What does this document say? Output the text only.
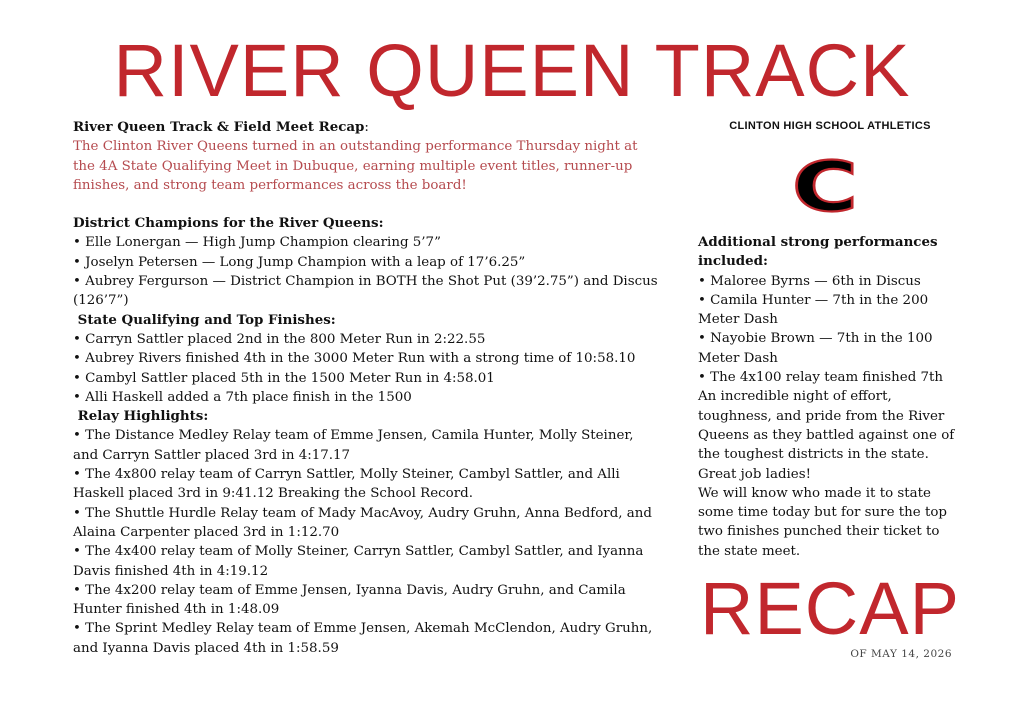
RIVER QUEEN TRACK

River Queen Track & Field Meet Recap:

The Clinton River Queens turned in an outstanding performance Thursday night at the 4A State Qualifying Meet in Dubuque, earning multiple event titles, runner-up finishes, and strong team performances across the board!

District Champions for the River Queens:

• Elle Lonergan — High Jump Champion clearing 5’7”

• Joselyn Petersen — Long Jump Champion with a leap of 17’6.25”

• Aubrey Fergurson — District Champion in BOTH the Shot Put (39’2.75”) and Discus (126’7”)

State Qualifying and Top Finishes:

• Carryn Sattler placed 2nd in the 800 Meter Run in 2:22.55

• Aubrey Rivers finished 4th in the 3000 Meter Run with a strong time of 10:58.10

• Cambyl Sattler placed 5th in the 1500 Meter Run in 4:58.01

• Alli Haskell added a 7th place finish in the 1500

Relay Highlights:

• The Distance Medley Relay team of Emme Jensen, Camila Hunter, Molly Steiner, and Carryn Sattler placed 3rd in 4:17.17

• The 4x800 relay team of Carryn Sattler, Molly Steiner, Cambyl Sattler, and Alli Haskell placed 3rd in 9:41.12 Breaking the School Record.

• The Shuttle Hurdle Relay team of Mady MacAvoy, Audry Gruhn, Anna Bedford, and Alaina Carpenter placed 3rd in 1:12.70

• The 4x400 relay team of Molly Steiner, Carryn Sattler, Cambyl Sattler, and Iyanna Davis finished 4th in 4:19.12

• The 4x200 relay team of Emme Jensen, Iyanna Davis, Audry Gruhn, and Camila Hunter finished 4th in 1:48.09

• The Sprint Medley Relay team of Emme Jensen, Akemah McClendon, Audry Gruhn, and Iyanna Davis placed 4th in 1:58.59

CLINTON HIGH SCHOOL ATHLETICS
C

Additional strong performances included:

• Maloree Byrns — 6th in Discus

• Camila Hunter — 7th in the 200 Meter Dash

• Nayobie Brown — 7th in the 100 Meter Dash

• The 4x100 relay team finished 7th

An incredible night of effort, toughness, and pride from the River Queens as they battled against one of the toughest districts in the state. Great job ladies!

We will know who made it to state some time today but for sure the top two finishes punched their ticket to the state meet.

RECAP
OF MAY 14, 2026
